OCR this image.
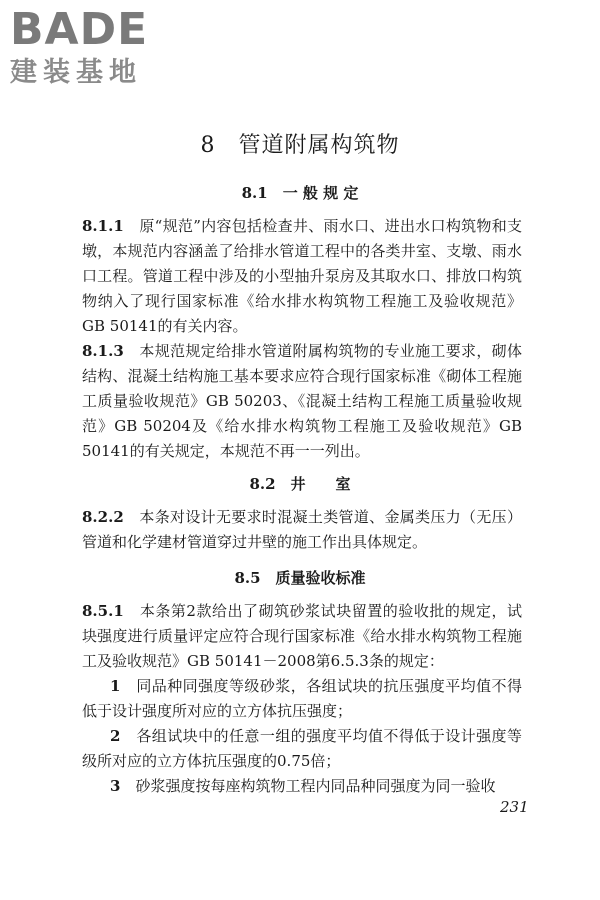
BADE
建装基地
8　管道附属构筑物
8.1　一 般 规 定

8.1.1　 原“规范”内容包括检查井、雨水口、进出水口构筑物和支墩，本规范内容涵盖了给排水管道工程中的各类井室、支墩、雨水口工程。管道工程中涉及的小型抽升泵房及其取水口、排放口构筑物纳入了现行国家标准《给水排水构筑物工程施工及验收规范》GB 50141的有关内容。

8.1.3　 本规范规定给排水管道附属构筑物的专业施工要求，砌体结构、混凝土结构施工基本要求应符合现行国家标准《砌体工程施工质量验收规范》GB 50203、《混凝土结构工程施工质量验收规范》GB 50204及《给水排水构筑物工程施工及验收规范》GB 50141的有关规定，本规范不再一一列出。

8.2　井　　室

8.2.2　 本条对设计无要求时混凝土类管道、金属类压力（无压）管道和化学建材管道穿过井壁的施工作出具体规定。

8.5　质量验收标准

8.5.1　 本条第2款给出了砌筑砂浆试块留置的验收批的规定，试块强度进行质量评定应符合现行国家标准《给水排水构筑物工程施工及验收规范》GB 50141－2008第6.5.3条的规定：

1　 同品种同强度等级砂浆，各组试块的抗压强度平均值不得低于设计强度所对应的立方体抗压强度；

2　 各组试块中的任意一组的强度平均值不得低于设计强度等级所对应的立方体抗压强度的0.75倍；

3　 砂浆强度按每座构筑物工程内同品种同强度为同一验收

231
